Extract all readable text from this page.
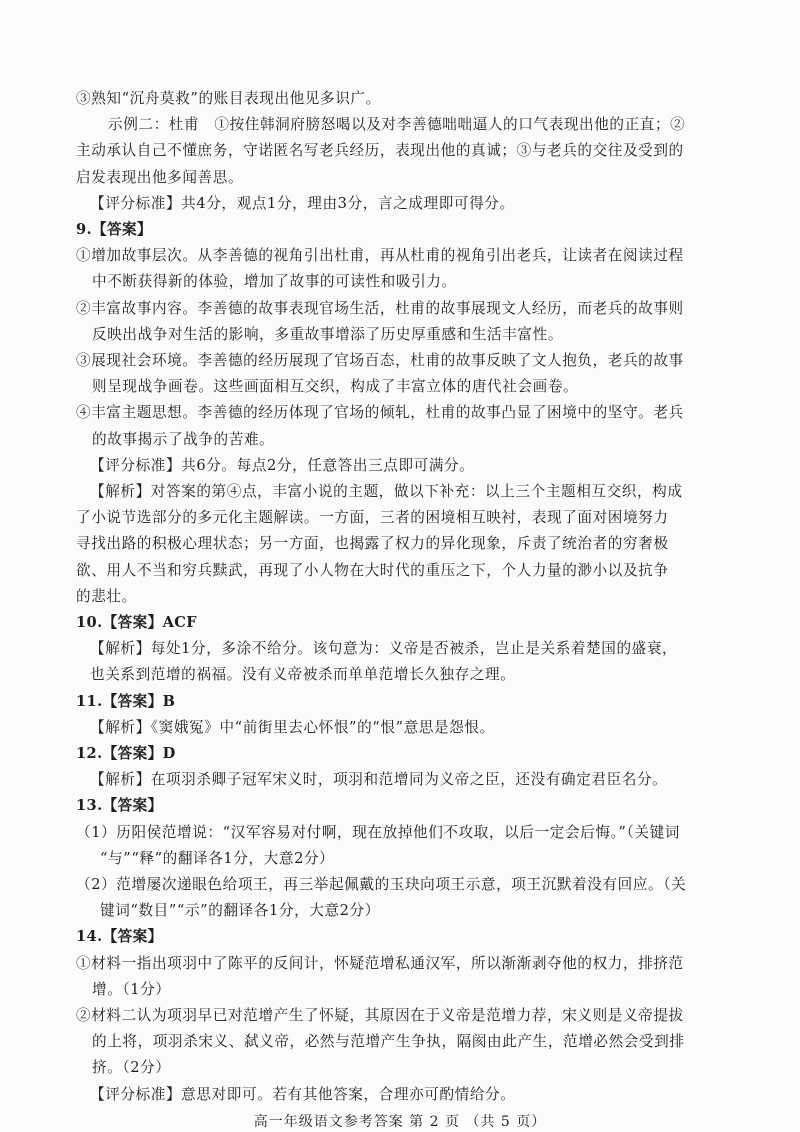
③熟知“沉舟莫救”的账目表现出他见多识广。
示例二：杜甫　①按住韩洞府膀怒喝以及对李善德咄咄逼人的口气表现出他的正直；②
主动承认自己不懂庶务，守诺匿名写老兵经历，表现出他的真诚；③与老兵的交往及受到的
启发表现出他多闻善思。
【评分标准】共4分，观点1分，理由3分，言之成理即可得分。
9.【答案】
①增加故事层次。从李善德的视角引出杜甫，再从杜甫的视角引出老兵，让读者在阅读过程
中不断获得新的体验，增加了故事的可读性和吸引力。
②丰富故事内容。李善德的故事表现官场生活，杜甫的故事展现文人经历，而老兵的故事则
反映出战争对生活的影响，多重故事增添了历史厚重感和生活丰富性。
③展现社会环境。李善德的经历展现了官场百态，杜甫的故事反映了文人抱负，老兵的故事
则呈现战争画卷。这些画面相互交织，构成了丰富立体的唐代社会画卷。
④丰富主题思想。李善德的经历体现了官场的倾轧，杜甫的故事凸显了困境中的坚守。老兵
的故事揭示了战争的苦难。
【评分标准】共6分。每点2分，任意答出三点即可满分。
【解析】对答案的第④点，丰富小说的主题，做以下补充：以上三个主题相互交织，构成
了小说节选部分的多元化主题解读。一方面，三者的困境相互映衬，表现了面对困境努力
寻找出路的积极心理状态；另一方面，也揭露了权力的异化现象，斥责了统治者的穷奢极
欲、用人不当和穷兵黩武，再现了小人物在大时代的重压之下，个人力量的渺小以及抗争
的悲壮。
10.【答案】ACF
【解析】每处1分，多涂不给分。该句意为：义帝是否被杀，岂止是关系着楚国的盛衰，
也关系到范增的祸福。没有义帝被杀而单单范增长久独存之理。
11.【答案】B
【解析】《窦娥冤》中“前街里去心怀恨”的“恨”意思是怨恨。
12.【答案】D
【解析】在项羽杀卿子冠军宋义时，项羽和范增同为义帝之臣，还没有确定君臣名分。
13.【答案】
（1）历阳侯范增说：“汉军容易对付啊，现在放掉他们不攻取，以后一定会后悔。”（关键词
“与”“释”的翻译各1分，大意2分）
（2）范增屡次递眼色给项王，再三举起佩戴的玉玦向项王示意，项王沉默着没有回应。（关
键词“数目”“示”的翻译各1分，大意2分）
14.【答案】
①材料一指出项羽中了陈平的反间计，怀疑范增私通汉军，所以渐渐剥夺他的权力，排挤范
增。（1分）
②材料二认为项羽早已对范增产生了怀疑，其原因在于义帝是范增力荐，宋义则是义帝提拔
的上将，项羽杀宋义、弑义帝，必然与范增产生争执，隔阂由此产生，范增必然会受到排
挤。（2分）
【评分标准】意思对即可。若有其他答案，合理亦可酌情给分。
高一年级语文参考答案 第 2 页 （共 5 页）
